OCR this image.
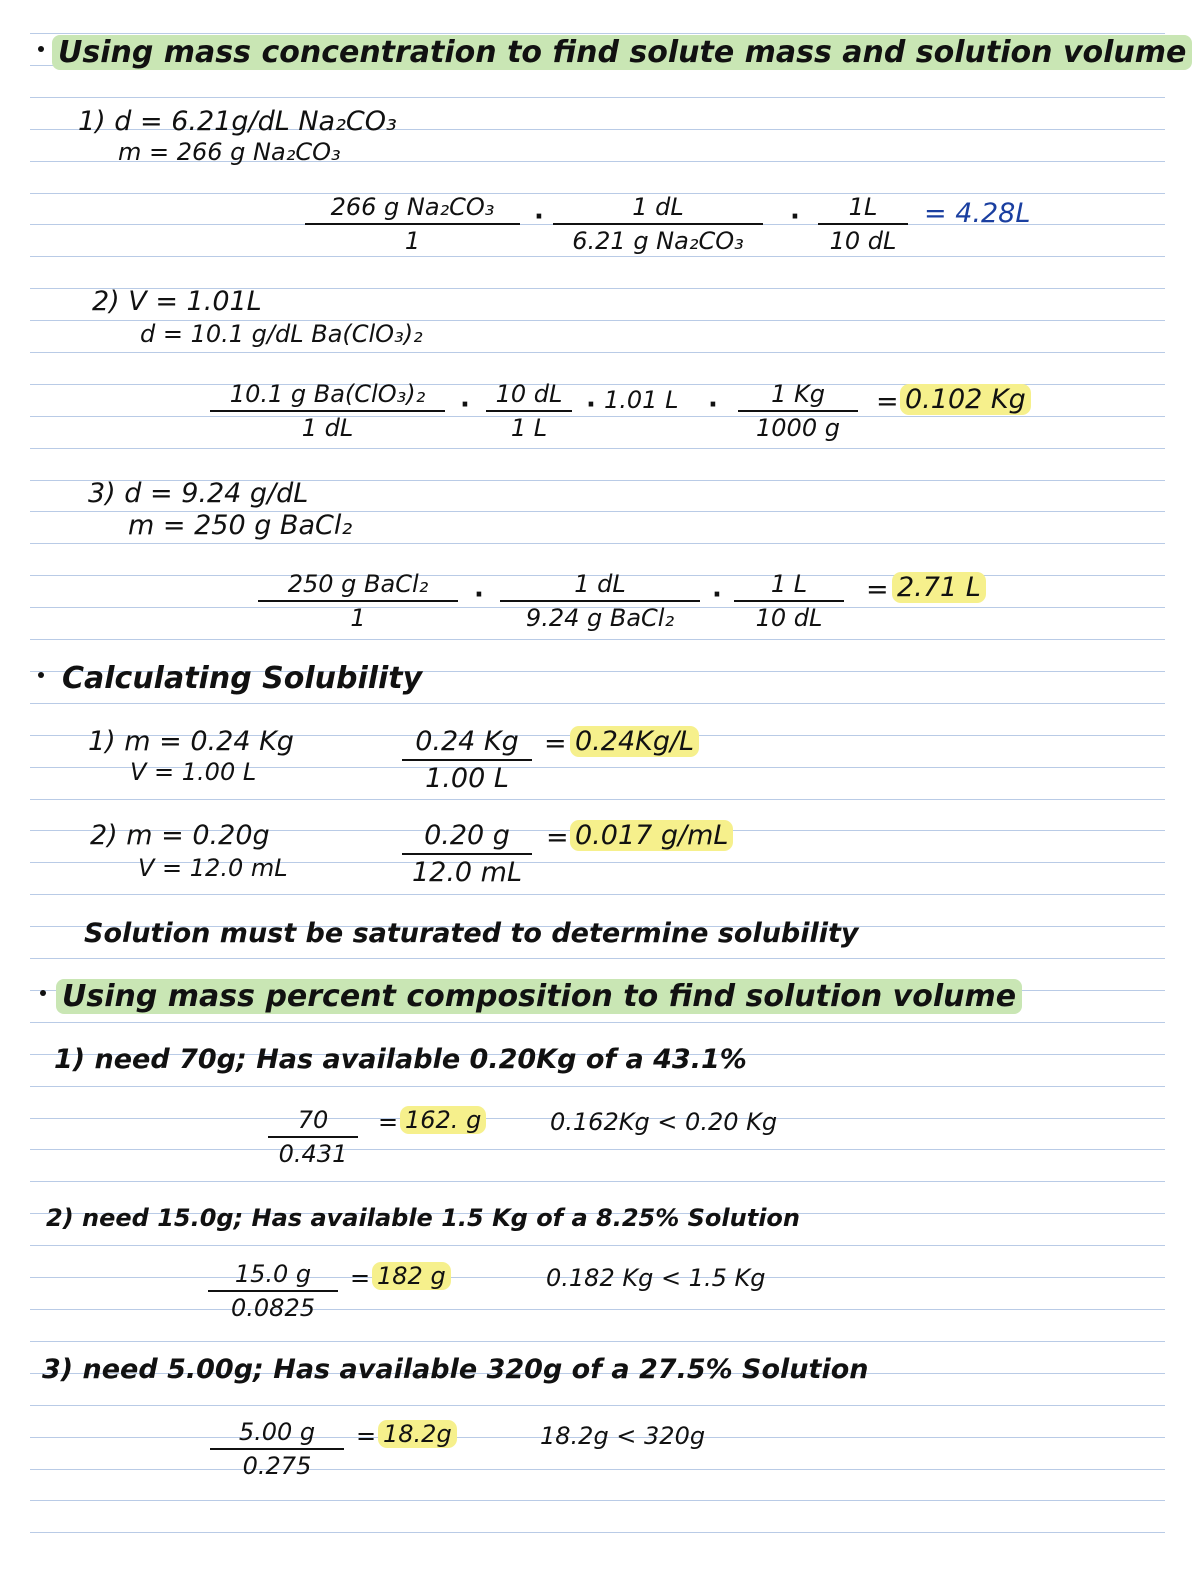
Using mass concentration to find solute mass and solution volume
1) d = 6.21g/dL Na₂CO₃
m = 266 g Na₂CO₃
$\frac{\text{266 g Na₂CO₃}}{1} \cdot \frac{1 dL}{\text{6.21 g Na₂CO₃}} \cdot \frac{1L}{10 dL} = 4.28L$
2) V = 1.01L
d = 10.1 g/dL Ba(ClO₃)₂
10.1 g Ba(ClO₃)₂
1 dL
· $\frac{10 dL}{1 L} \cdot 1.01$ $L \cdot \frac{1 Kg}{1000 g} = 0.102$ Kg
3) d = 9.24 g/dL
m = 250 g BaCl₂
250 g BaCl₂
1
·	1 dL
9.24 g BaCl₂
· $\frac{1 L}{10 dL} = 2.71$ L
Calculating Solubility
1) m = 0.24 Kg
V = 1.00 L	$\frac{0.24 Kg}{1.00 L} = 0.24Kg/L$
2) m = 0.20g
V = 12.0 mL	$\frac{0.20 g}{12.0 mL} = 0.017$ g/mL
Solution must be saturated to determine solubility
Using mass percent composition to find solution volume
1) need 70g; Has available 0.20Kg of a 43.1%
$\frac{70}{0.431} = 162$. g	0.162Kg < 0.20 Kg
2) need 15.0g; Has available 1.5 Kg of a 8.25% Solution
$\frac{15.0 g}{0.0825} = 182$ g	0.182 Kg < 1.5 Kg
3) need 5.00g; Has available 320g of a 27.5% Solution
$\frac{5.00 g}{0.275} = 18.2g$	18.2g < 320g
